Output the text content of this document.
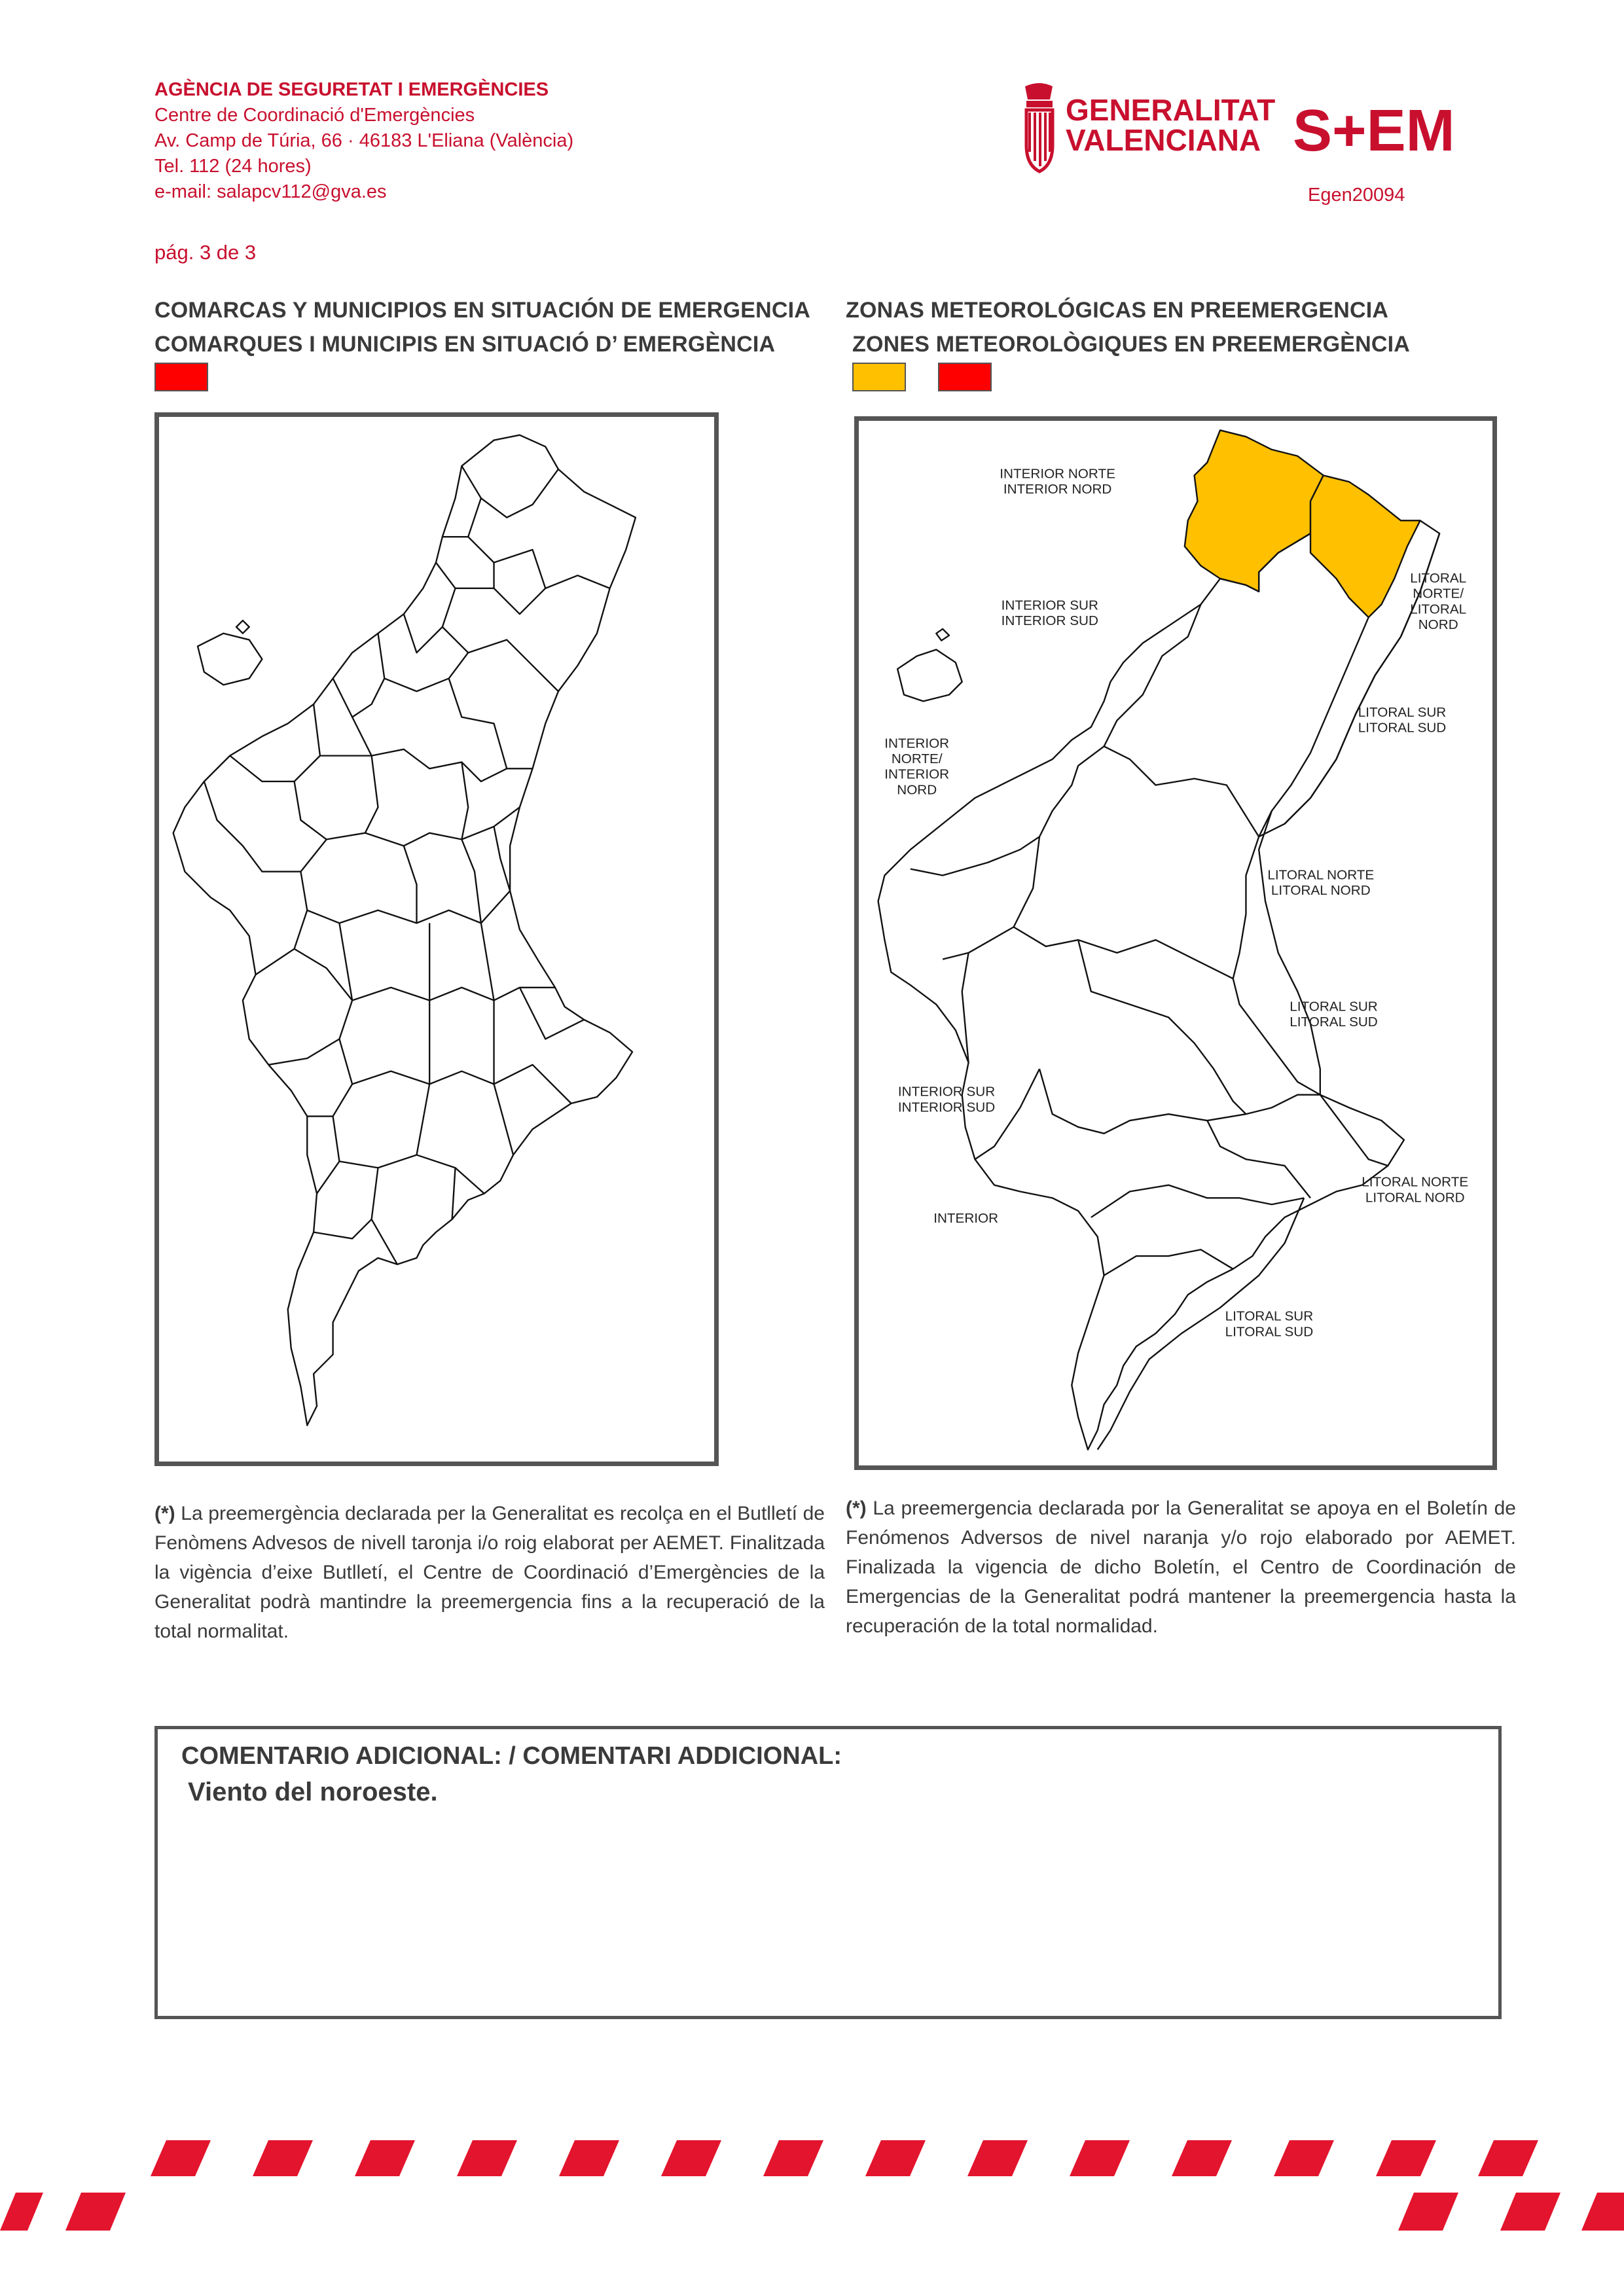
AGÈNCIA DE SEGURETAT I EMERGÈNCIES

Centre de Coordinació d'Emergències

Av. Camp de Túria, 66 · 46183 L'Eliana (València)

Tel. 112 (24 hores)

e-mail: salapcv112@gva.es

GENERALITAT
VALENCIANA S+EM
Egen20094
pág. 3 de 3
COMARCAS Y MUNICIPIOS EN SITUACIÓN DE EMERGENCIA
COMARQUES I MUNICIPIS EN SITUACIÓ D’ EMERGÈNCIA
ZONAS METEOROLÓGICAS EN PREEMERGENCIA
ZONES METEOROLÒGIQUES EN PREEMERGÈNCIA
INTERIOR NORTE
INTERIOR NORD
LITORAL
NORTE/
LITORAL
NORD
INTERIOR SUR
INTERIOR SUD
LITORAL SUR
LITORAL SUD
INTERIOR
NORTE/
INTERIOR
NORD
LITORAL NORTE
LITORAL NORD
LITORAL SUR
LITORAL SUD
INTERIOR SUR
INTERIOR SUD
LITORAL NORTE
LITORAL NORD
INTERIOR
LITORAL SUR
LITORAL SUD

(*) La preemergència declarada per la Generalitat es recolça en el Butlletí de Fenòmens Advesos de nivell taronja i/o roig elaborat per AEMET. Finalitzada la vigència d’eixe Butlletí, el Centre de Coordinació d’Emergències de la Generalitat podrà mantindre la preemergencia fins a la recuperació de la total normalitat.

(*) La preemergencia declarada por la Generalitat se apoya en el Boletín de Fenómenos Adversos de nivel naranja y/o rojo elaborado por AEMET. Finalizada la vigencia de dicho Boletín, el Centro de Coordinación de Emergencias de la Generalitat podrá mantener la preemergencia hasta la recuperación de la total normalidad.

COMENTARIO ADICIONAL: / COMENTARI ADDICIONAL:
Viento del noroeste.
